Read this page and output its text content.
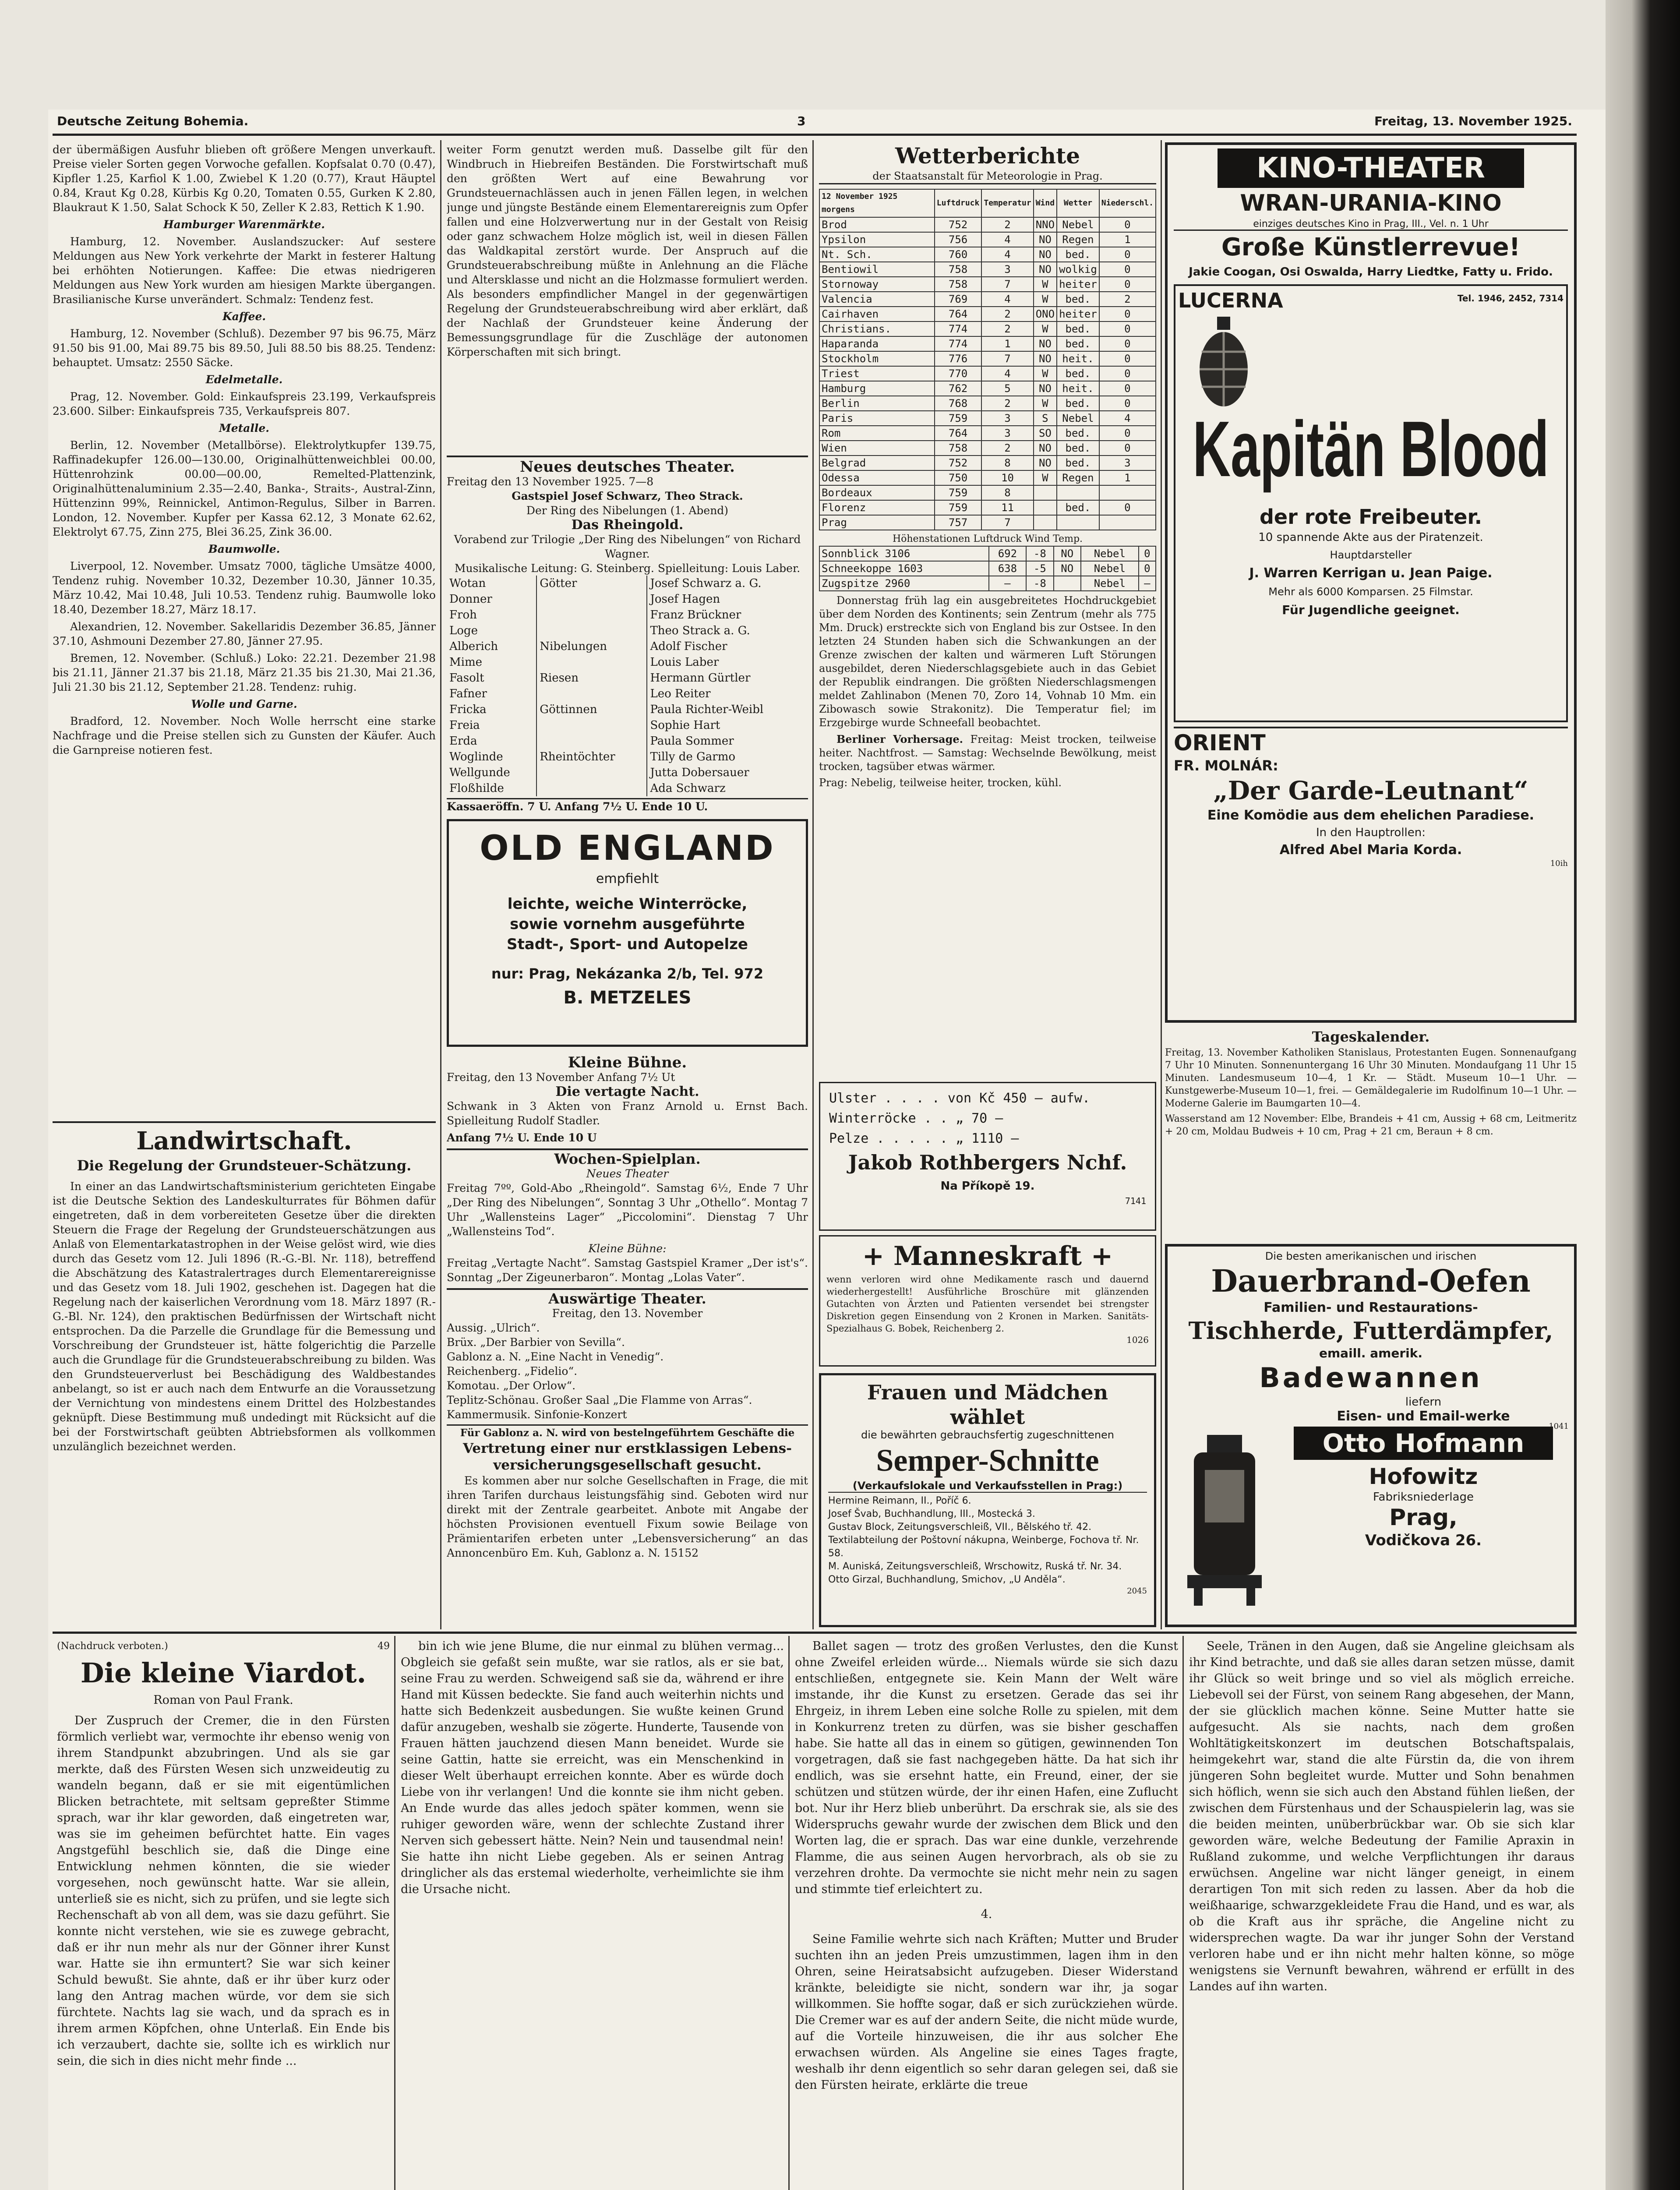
Deutsche Zeitung Bohemia.	3	Freitag, 13. November 1925.

der übermäßigen Ausfuhr blieben oft größere Mengen unverkauft. Preise vieler Sorten gegen Vorwoche gefallen. Kopfsalat 0.70 (0.47), Kipfler 1.25, Karfiol K 1.00, Zwiebel K 1.20 (0.77), Kraut Häuptel 0.84, Kraut Kg 0.28, Kürbis Kg 0.20, Tomaten 0.55, Gurken K 2.80, Blaukraut K 1.50, Salat Schock K 50, Zeller K 2.83, Rettich K 1.90.

Hamburger Warenmärkte.

Hamburg, 12. November. Auslandszucker: Auf sestere Meldungen aus New York verkehrte der Markt in festerer Haltung bei erhöhten Notierungen. Kaffee: Die etwas niedrigeren Meldungen aus New York wurden am hiesigen Markte übergangen. Brasilianische Kurse unverändert. Schmalz: Tendenz fest.

Kaffee.

Hamburg, 12. November (Schluß). Dezember 97 bis 96.75, März 91.50 bis 91.00, Mai 89.75 bis 89.50, Juli 88.50 bis 88.25. Tendenz: behauptet. Umsatz: 2550 Säcke.

Edelmetalle.

Prag, 12. November. Gold: Einkaufspreis 23.199, Verkaufspreis 23.600. Silber: Einkaufspreis 735, Verkaufspreis 807.

Metalle.

Berlin, 12. November (Metallbörse). Elektrolytkupfer 139.75, Raffinadekupfer 126.00—130.00, Originalhüttenweichblei 00.00, Hüttenrohzink 00.00—00.00, Remelted-Plattenzink, Originalhüttenaluminium 2.35—2.40, Banka-, Straits-, Austral-Zinn, Hüttenzinn 99%, Reinnickel, Antimon-Regulus, Silber in Barren. London, 12. November. Kupfer per Kassa 62.12, 3 Monate 62.62, Elektrolyt 67.75, Zinn 275, Blei 36.25, Zink 36.00.

Baumwolle.

Liverpool, 12. November. Umsatz 7000, tägliche Umsätze 4000, Tendenz ruhig. November 10.32, Dezember 10.30, Jänner 10.35, März 10.42, Mai 10.48, Juli 10.53. Tendenz ruhig. Baumwolle loko 18.40, Dezember 18.27, März 18.17.

Alexandrien, 12. November. Sakellaridis Dezember 36.85, Jänner 37.10, Ashmouni Dezember 27.80, Jänner 27.95.

Bremen, 12. November. (Schluß.) Loko: 22.21. Dezember 21.98 bis 21.11, Jänner 21.37 bis 21.18, März 21.35 bis 21.30, Mai 21.36, Juli 21.30 bis 21.12, September 21.28. Tendenz: ruhig.

Wolle und Garne.

Bradford, 12. November. Noch Wolle herrscht eine starke Nachfrage und die Preise stellen sich zu Gunsten der Käufer. Auch die Garnpreise notieren fest.

Landwirtschaft.
Die Regelung der Grundsteuer-Schätzung.

In einer an das Landwirtschaftsministerium gerichteten Eingabe ist die Deutsche Sektion des Landeskulturrates für Böhmen dafür eingetreten, daß in dem vorbereiteten Gesetze über die direkten Steuern die Frage der Regelung der Grundsteuerschätzungen aus Anlaß von Elementarkatastrophen in der Weise gelöst wird, wie dies durch das Gesetz vom 12. Juli 1896 (R.-G.-Bl. Nr. 118), betreffend die Abschätzung des Katastralertrages durch Elementarereignisse und das Gesetz vom 18. Juli 1902, geschehen ist. Dagegen hat die Regelung nach der kaiserlichen Verordnung vom 18. März 1897 (R.-G.-Bl. Nr. 124), den praktischen Bedürfnissen der Wirtschaft nicht entsprochen. Da die Parzelle die Grundlage für die Bemessung und Vorschreibung der Grundsteuer ist, hätte folgerichtig die Parzelle auch die Grundlage für die Grundsteuerabschreibung zu bilden. Was den Grundsteuerverlust bei Beschädigung des Waldbestandes anbelangt, so ist er auch nach dem Entwurfe an die Voraussetzung der Vernichtung von mindestens einem Drittel des Holzbestandes geknüpft. Diese Bestimmung muß undedingt mit Rücksicht auf die bei der Forstwirtschaft geübten Abtriebsformen als vollkommen unzulänglich bezeichnet werden.

weiter Form genutzt werden muß. Dasselbe gilt für den Windbruch in Hiebreifen Beständen. Die Forstwirtschaft muß den größten Wert auf eine Bewahrung vor Grundsteuernachlässen auch in jenen Fällen legen, in welchen junge und jüngste Bestände einem Elementarereignis zum Opfer fallen und eine Holzverwertung nur in der Gestalt von Reisig oder ganz schwachem Holze möglich ist, weil in diesen Fällen das Waldkapital zerstört wurde. Der Anspruch auf die Grundsteuerabschreibung müßte in Anlehnung an die Fläche und Altersklasse und nicht an die Holzmasse formuliert werden. Als besonders empfindlicher Mangel in der gegenwärtigen Regelung der Grundsteuerabschreibung wird aber erklärt, daß der Nachlaß der Grundsteuer keine Änderung der Bemessungsgrundlage für die Zuschläge der autonomen Körperschaften mit sich bringt.

Neues deutsches Theater.
Freitag den 13 November 1925. 7—8
Gastspiel Josef Schwarz, Theo Strack.
Der Ring des Nibelungen (1. Abend)
Das Rheingold.
Vorabend zur Trilogie „Der Ring des Nibelungen“ von Richard Wagner.
Musikalische Leitung: G. Steinberg. Spielleitung: Louis Laber.
Wotan	Götter	Josef Schwarz a. G.
Donner		Josef Hagen
Froh		Franz Brückner
Loge		Theo Strack a. G.
Alberich	Nibelungen	Adolf Fischer
Mime		Louis Laber
Fasolt	Riesen	Hermann Gürtler
Fafner		Leo Reiter
Fricka	Göttinnen	Paula Richter-Weibl
Freia		Sophie Hart
Erda		Paula Sommer
Woglinde	Rheintöchter	Tilly de Garmo
Wellgunde		Jutta Dobersauer
Floßhilde		Ada Schwarz
Kassaeröffn. 7 U. Anfang 7½ U. Ende 10 U.
OLD ENGLAND
empfiehlt
leichte, weiche Winterröcke,
sowie vornehm ausgeführte
Stadt-, Sport- und Autopelze
nur: Prag, Nekázanka 2/b, Tel. 972
B. METZELES
Kleine Bühne.
Freitag, den 13 November Anfang 7½ Ut
Die vertagte Nacht.

Schwank in 3 Akten von Franz Arnold u. Ernst Bach. Spielleitung Rudolf Stadler.

Anfang 7½ U. Ende 10 U
Wochen-Spielplan.
Neues Theater

Freitag 7ºº, Gold-Abo „Rheingold“. Samstag 6½, Ende 7 Uhr „Der Ring des Nibelungen“, Sonntag 3 Uhr „Othello“. Montag 7 Uhr „Wallensteins Lager“ „Piccolomini“. Dienstag 7 Uhr „Wallensteins Tod“.

Kleine Bühne:

Freitag „Vertagte Nacht“. Samstag Gastspiel Kramer „Der ist's“. Sonntag „Der Zigeunerbaron“. Montag „Lolas Vater“.

Auswärtige Theater.
Freitag, den 13. November
Aussig. „Ulrich“.
Brüx. „Der Barbier von Sevilla“.
Gablonz a. N. „Eine Nacht in Venedig“.
Reichenberg. „Fidelio“.
Komotau. „Der Orlow“.
Teplitz-Schönau. Großer Saal „Die Flamme von Arras“. Kammermusik. Sinfonie-Konzert
Für Gablonz a. N. wird von bestelngeführtem Geschäfte die
Vertretung einer nur erstklassigen Lebens- versicherungsgesellschaft gesucht.

Es kommen aber nur solche Gesellschaften in Frage, die mit ihren Tarifen durchaus leistungsfähig sind. Geboten wird nur direkt mit der Zentrale gearbeitet. Anbote mit Angabe der höchsten Provisionen eventuell Fixum sowie Beilage von Prämientarifen erbeten unter „Lebensversicherung“ an das Annoncenbüro Em. Kuh, Gablonz a. N. 15152

Wetterberichte
der Staatsanstalt für Meteorologie in Prag.
12 November 1925 morgens	Luftdruck	Temperatur	Wind	Wetter	Niederschl.
Brod	752	2	NNO	Nebel	0
Ypsilon	756	4	NO	Regen	1
Nt. Sch.	760	4	NO	bed.	0
Bentiowil	758	3	NO	wolkig	0
Stornoway	758	7	W	heiter	0
Valencia	769	4	W	bed.	2
Cairhaven	764	2	ONO	heiter	0
Christians.	774	2	W	bed.	0
Haparanda	774	1	NO	bed.	0
Stockholm	776	7	NO	heit.	0
Triest	770	4	W	bed.	0
Hamburg	762	5	NO	heit.	0
Berlin	768	2	W	bed.	0
Paris	759	3	S	Nebel	4
Rom	764	3	SO	bed.	0
Wien	758	2	NO	bed.	0
Belgrad	752	8	NO	bed.	3
Odessa	750	10	W	Regen	1
Bordeaux	759	8			
Florenz	759	11		bed.	0
Prag	757	7			
Höhenstationen Luftdruck Wind Temp.
Sonnblick 3106	692	-8	NO	Nebel	0
Schneekoppe 1603	638	-5	NO	Nebel	0
Zugspitze 2960	—	-8		Nebel	—

Donnerstag früh lag ein ausgebreitetes Hochdruckgebiet über dem Norden des Kontinents; sein Zentrum (mehr als 775 Mm. Druck) erstreckte sich von England bis zur Ostsee. In den letzten 24 Stunden haben sich die Schwankungen an der Grenze zwischen der kalten und wärmeren Luft Störungen ausgebildet, deren Niederschlagsgebiete auch in das Gebiet der Republik eindrangen. Die größten Niederschlagsmengen meldet Zahlinabon (Menen 70, Zoro 14, Vohnab 10 Mm. ein Zibowasch sowie Strakonitz). Die Temperatur fiel; im Erzgebirge wurde Schneefall beobachtet.

Berliner Vorhersage. Freitag: Meist trocken, teilweise heiter. Nachtfrost. — Samstag: Wechselnde Bewölkung, meist trocken, tagsüber etwas wärmer.

Prag: Nebelig, teilweise heiter, trocken, kühl.

Ulster . . . . von Kč 450 — aufw.
Winterröcke . . „ 70 —
Pelze . . . . . „ 1110 —
Jakob Rothbergers Nchf.
Na Příkopě 19.
7141
+ Manneskraft +

wenn verloren wird ohne Medikamente rasch und dauernd wiederhergestellt! Ausführliche Broschüre mit glänzenden Gutachten von Ärzten und Patienten versendet bei strengster Diskretion gegen Einsendung von 2 Kronen in Marken. Sanitäts-Spezialhaus G. Bobek, Reichenberg 2.

1026
Frauen und Mädchen
wählet
die bewährten gebrauchsfertig zugeschnittenen
Semper-Schnitte
(Verkaufslokale und Verkaufsstellen in Prag:)
Hermine Reimann, II., Poříč 6.
Josef Švab, Buchhandlung, III., Mostecká 3.
Gustav Block, Zeitungsverschleiß, VII., Bělského tř. 42.
Textilabteilung der Poštovní nákupna, Weinberge, Fochova tř. Nr. 58.
M. Auniská, Zeitungsverschleiß, Wrschowitz, Ruská tř. Nr. 34.
Otto Girzal, Buchhandlung, Smichov, „U Anděla“.
2045
KINO-THEATER
WRAN-URANIA-KINO
einziges deutsches Kino in Prag, III., Vel. n. 1 Uhr
Große Künstlerrevue!
Jakie Coogan, Osi Oswalda, Harry Liedtke, Fatty u. Frido.
LUCERNA	Tel. 1946, 2452, 7314
Kapitän Blood
der rote Freibeuter.
10 spannende Akte aus der Piratenzeit.
Hauptdarsteller
J. Warren Kerrigan u. Jean Paige.
Mehr als 6000 Komparsen. 25 Filmstar.
Für Jugendliche geeignet.
ORIENT
FR. MOLNÁR:
„Der Garde-Leutnant“
Eine Komödie aus dem ehelichen Paradiese.
In den Hauptrollen:
Alfred Abel Maria Korda.
10ih
Tageskalender.

Freitag, 13. November Katholiken Stanislaus, Protestanten Eugen. Sonnenaufgang 7 Uhr 10 Minuten. Sonnenuntergang 16 Uhr 30 Minuten. Mondaufgang 11 Uhr 15 Minuten. Landesmuseum 10—4, 1 Kr. — Städt. Museum 10—1 Uhr. — Kunstgewerbe-Museum 10—1, frei. — Gemäldegalerie im Rudolfinum 10—1 Uhr. — Moderne Galerie im Baumgarten 10—4.

Wasserstand am 12 November: Elbe, Brandeis + 41 cm, Aussig + 68 cm, Leitmeritz + 20 cm, Moldau Budweis + 10 cm, Prag + 21 cm, Beraun + 8 cm.

Die besten amerikanischen und irischen
Dauerbrand-Oefen
Familien- und Restaurations-
Tischherde, Futterdämpfer,
emaill. amerik.
Badewannen
liefern
Eisen- und Email-werke
Otto Hofmann
Hofowitz
Fabriksniederlage
Prag,
Vodičkova 26.
1041
(Nachdruck verboten.)	49
Die kleine Viardot.
Roman von Paul Frank.

Der Zuspruch der Cremer, die in den Fürsten förmlich verliebt war, vermochte ihr ebenso wenig von ihrem Standpunkt abzubringen. Und als sie gar merkte, daß des Fürsten Wesen sich unzweideutig zu wandeln begann, daß er sie mit eigentümlichen Blicken betrachtete, mit seltsam gepreßter Stimme sprach, war ihr klar geworden, daß eingetreten war, was sie im geheimen befürchtet hatte. Ein vages Angstgefühl beschlich sie, daß die Dinge eine Entwicklung nehmen könnten, die sie wieder vorgesehen, noch gewünscht hatte. War sie allein, unterließ sie es nicht, sich zu prüfen, und sie legte sich Rechenschaft ab von all dem, was sie dazu geführt. Sie konnte nicht verstehen, wie sie es zuwege gebracht, daß er ihr nun mehr als nur der Gönner ihrer Kunst war. Hatte sie ihn ermuntert? Sie war sich keiner Schuld bewußt. Sie ahnte, daß er ihr über kurz oder lang den Antrag machen würde, vor dem sie sich fürchtete. Nachts lag sie wach, und da sprach es in ihrem armen Köpfchen, ohne Unterlaß. Ein Ende bis ich verzaubert, dachte sie, sollte ich es wirklich nur sein, die sich in dies nicht mehr finde ...

bin ich wie jene Blume, die nur einmal zu blühen vermag... Obgleich sie gefaßt sein mußte, war sie ratlos, als er sie bat, seine Frau zu werden. Schweigend saß sie da, während er ihre Hand mit Küssen bedeckte. Sie fand auch weiterhin nichts und hatte sich Bedenkzeit ausbedungen. Sie wußte keinen Grund dafür anzugeben, weshalb sie zögerte. Hunderte, Tausende von Frauen hätten jauchzend diesen Mann beneidet. Wurde sie seine Gattin, hatte sie erreicht, was ein Menschenkind in dieser Welt überhaupt erreichen konnte. Aber es würde doch Liebe von ihr verlangen! Und die konnte sie ihm nicht geben. An Ende wurde das alles jedoch später kommen, wenn sie ruhiger geworden wäre, wenn der schlechte Zustand ihrer Nerven sich gebessert hätte. Nein? Nein und tausendmal nein! Sie hatte ihn nicht Liebe gegeben. Als er seinen Antrag dringlicher als das erstemal wiederholte, verheimlichte sie ihm die Ursache nicht.

Ballet sagen — trotz des großen Verlustes, den die Kunst ohne Zweifel erleiden würde... Niemals würde sie sich dazu entschließen, entgegnete sie. Kein Mann der Welt wäre imstande, ihr die Kunst zu ersetzen. Gerade das sei ihr Ehrgeiz, in ihrem Leben eine solche Rolle zu spielen, mit dem in Konkurrenz treten zu dürfen, was sie bisher geschaffen habe. Sie hatte all das in einem so gütigen, gewinnenden Ton vorgetragen, daß sie fast nachgegeben hätte. Da hat sich ihr endlich, was sie ersehnt hatte, ein Freund, einer, der sie schützen und stützen würde, der ihr einen Hafen, eine Zuflucht bot. Nur ihr Herz blieb unberührt. Da erschrak sie, als sie des Widerspruchs gewahr wurde der zwischen dem Blick und den Worten lag, die er sprach. Das war eine dunkle, verzehrende Flamme, die aus seinen Augen hervorbrach, als ob sie zu verzehren drohte. Da vermochte sie nicht mehr nein zu sagen und stimmte tief erleichtert zu.

4.

Seine Familie wehrte sich nach Kräften; Mutter und Bruder suchten ihn an jeden Preis umzustimmen, lagen ihm in den Ohren, seine Heiratsabsicht aufzugeben. Dieser Widerstand kränkte, beleidigte sie nicht, sondern war ihr, ja sogar willkommen. Sie hoffte sogar, daß er sich zurückziehen würde. Die Cremer war es auf der andern Seite, die nicht müde wurde, auf die Vorteile hinzuweisen, die ihr aus solcher Ehe erwachsen würden. Als Angeline sie eines Tages fragte, weshalb ihr denn eigentlich so sehr daran gelegen sei, daß sie den Fürsten heirate, erklärte die treue

Seele, Tränen in den Augen, daß sie Angeline gleichsam als ihr Kind betrachte, und daß sie alles daran setzen müsse, damit ihr Glück so weit bringe und so viel als möglich erreiche. Liebevoll sei der Fürst, von seinem Rang abgesehen, der Mann, der sie glücklich machen könne. Seine Mutter hatte sie aufgesucht. Als sie nachts, nach dem großen Wohltätigkeitskonzert im deutschen Botschaftspalais, heimgekehrt war, stand die alte Fürstin da, die von ihrem jüngeren Sohn begleitet wurde. Mutter und Sohn benahmen sich höflich, wenn sie sich auch den Abstand fühlen ließen, der zwischen dem Fürstenhaus und der Schauspielerin lag, was sie die beiden meinten, unüberbrückbar war. Ob sie sich klar geworden wäre, welche Bedeutung der Familie Apraxin in Rußland zukomme, und welche Verpflichtungen ihr daraus erwüchsen. Angeline war nicht länger geneigt, in einem derartigen Ton mit sich reden zu lassen. Aber da hob die weißhaarige, schwarzgekleidete Frau die Hand, und es war, als ob die Kraft aus ihr spräche, die Angeline nicht zu widersprechen wagte. Da war ihr junger Sohn der Verstand verloren habe und er ihn nicht mehr halten könne, so möge wenigstens sie Vernunft bewahren, während er erfüllt in des Landes auf ihn warten.
